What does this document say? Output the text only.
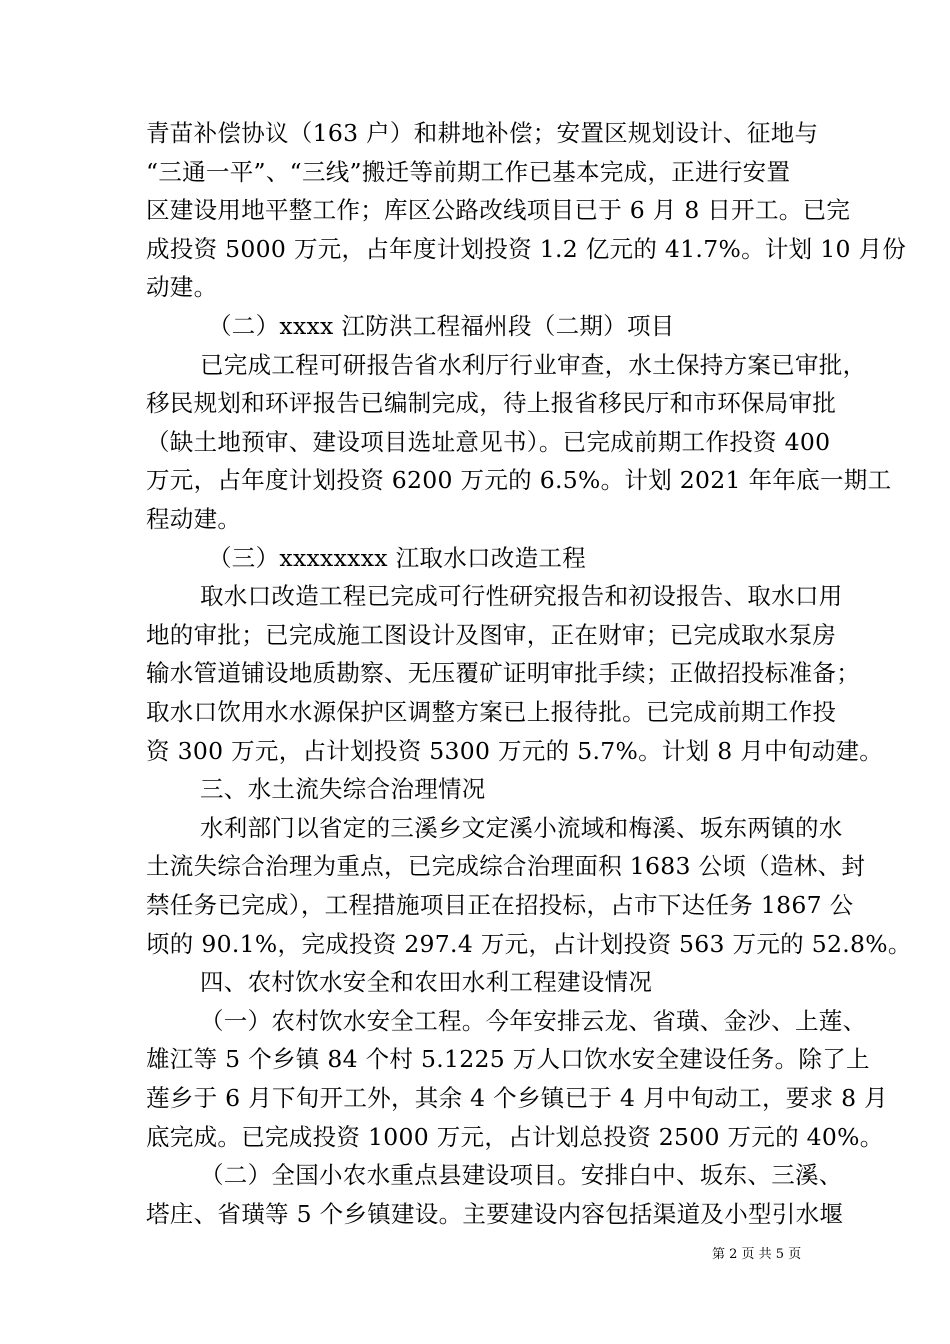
青苗补偿协议（163 户）和耕地补偿；安置区规划设计、征地与

“三通一平”、“三线”搬迁等前期工作已基本完成，正进行安置

区建设用地平整工作；库区公路改线项目已于 6 月 8 日开工。已完

成投资 5000 万元，占年度计划投资 1.2 亿元的 41.7%。计划 10 月份

动建。

（二）xxxx 江防洪工程福州段（二期）项目

已完成工程可研报告省水利厅行业审查，水土保持方案已审批，

移民规划和环评报告已编制完成，待上报省移民厅和市环保局审批

（缺土地预审、建设项目选址意见书）。已完成前期工作投资 400

万元，占年度计划投资 6200 万元的 6.5%。计划 2021 年年底一期工

程动建。

（三）xxxxxxxx 江取水口改造工程

取水口改造工程已完成可行性研究报告和初设报告、取水口用

地的审批；已完成施工图设计及图审，正在财审；已完成取水泵房

输水管道铺设地质勘察、无压覆矿证明审批手续；正做招投标准备；

取水口饮用水水源保护区调整方案已上报待批。已完成前期工作投

资 300 万元，占计划投资 5300 万元的 5.7%。计划 8 月中旬动建。

三、水土流失综合治理情况

水利部门以省定的三溪乡文定溪小流域和梅溪、坂东两镇的水

土流失综合治理为重点，已完成综合治理面积 1683 公顷（造林、封

禁任务已完成），工程措施项目正在招投标，占市下达任务 1867 公

顷的 90.1%，完成投资 297.4 万元，占计划投资 563 万元的 52.8%。

四、农村饮水安全和农田水利工程建设情况

（一）农村饮水安全工程。今年安排云龙、省璜、金沙、上莲、

雄江等 5 个乡镇 84 个村 5.1225 万人口饮水安全建设任务。除了上

莲乡于 6 月下旬开工外，其余 4 个乡镇已于 4 月中旬动工，要求 8 月

底完成。已完成投资 1000 万元，占计划总投资 2500 万元的 40%。

（二）全国小农水重点县建设项目。安排白中、坂东、三溪、

塔庄、省璜等 5 个乡镇建设。主要建设内容包括渠道及小型引水堰

第 2 页 共 5 页
